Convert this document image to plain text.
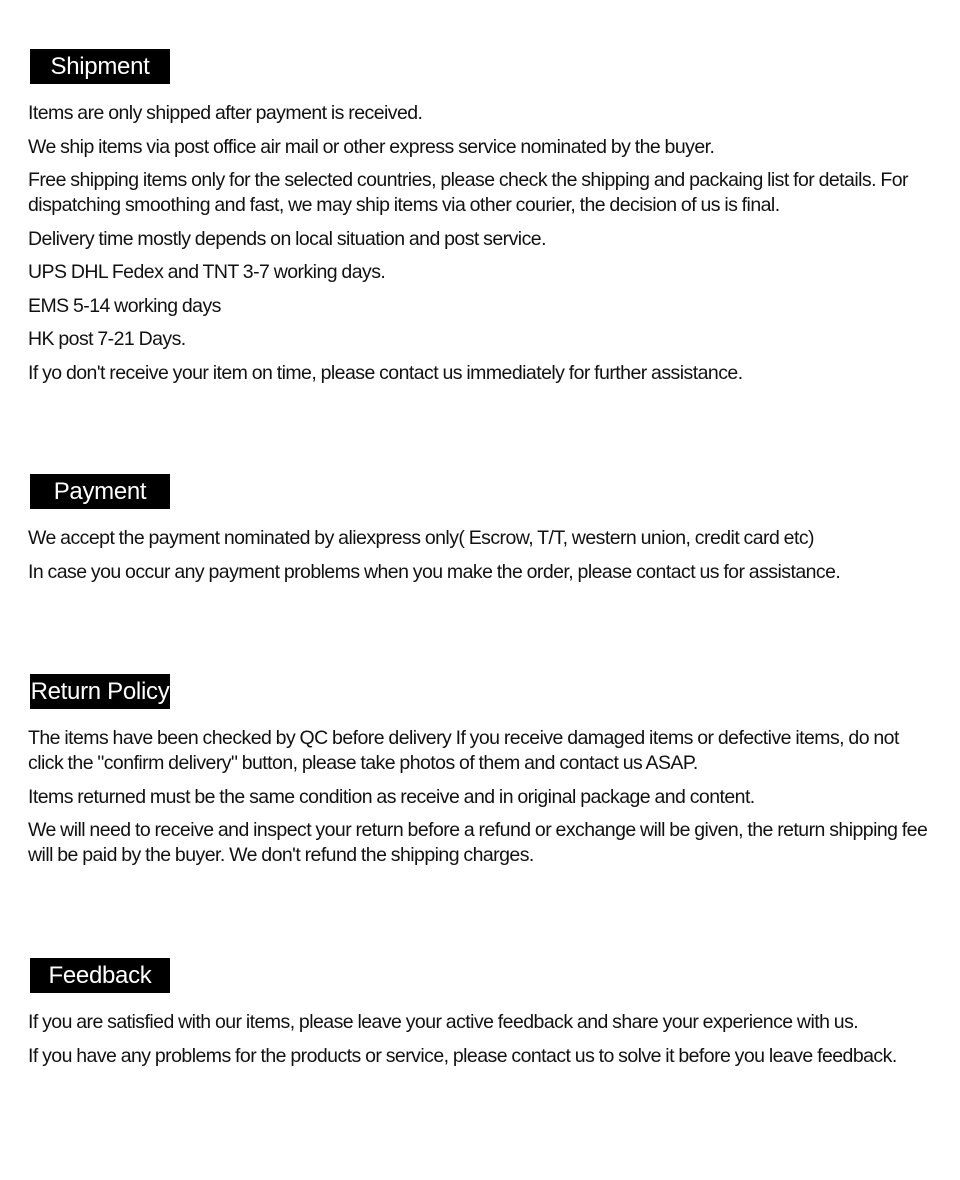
Shipment
Items are only shipped after payment is received.
We ship items via post office air mail or other express service nominated by the buyer.
Free shipping items only for the selected countries, please check the shipping and packaing list for details. For dispatching smoothing and fast, we may ship items via other courier, the decision of us is final.
Delivery time mostly depends on local situation and post service.
UPS DHL Fedex and TNT 3-7 working days.
EMS 5-14 working days
HK post 7-21 Days.
If yo don't receive your item on time, please contact us immediately for further assistance.
Payment
We accept the payment nominated by aliexpress only( Escrow, T/T, western union, credit card etc)
In case you occur any payment problems when you make the order, please contact us for assistance.
Return Policy
The items have been checked by QC before delivery If you receive damaged items or defective items, do not click the "confirm delivery" button, please take photos of them and contact us ASAP.
Items returned must be the same condition as receive and in original package and content.
We will need to receive and inspect your return before a refund or exchange will be given, the return shipping fee will be paid by the buyer. We don't refund the shipping charges.
Feedback
If you are satisfied with our items, please leave your active feedback and share your experience with us.
If you have any problems for the products or service, please contact us to solve it before you leave feedback.
